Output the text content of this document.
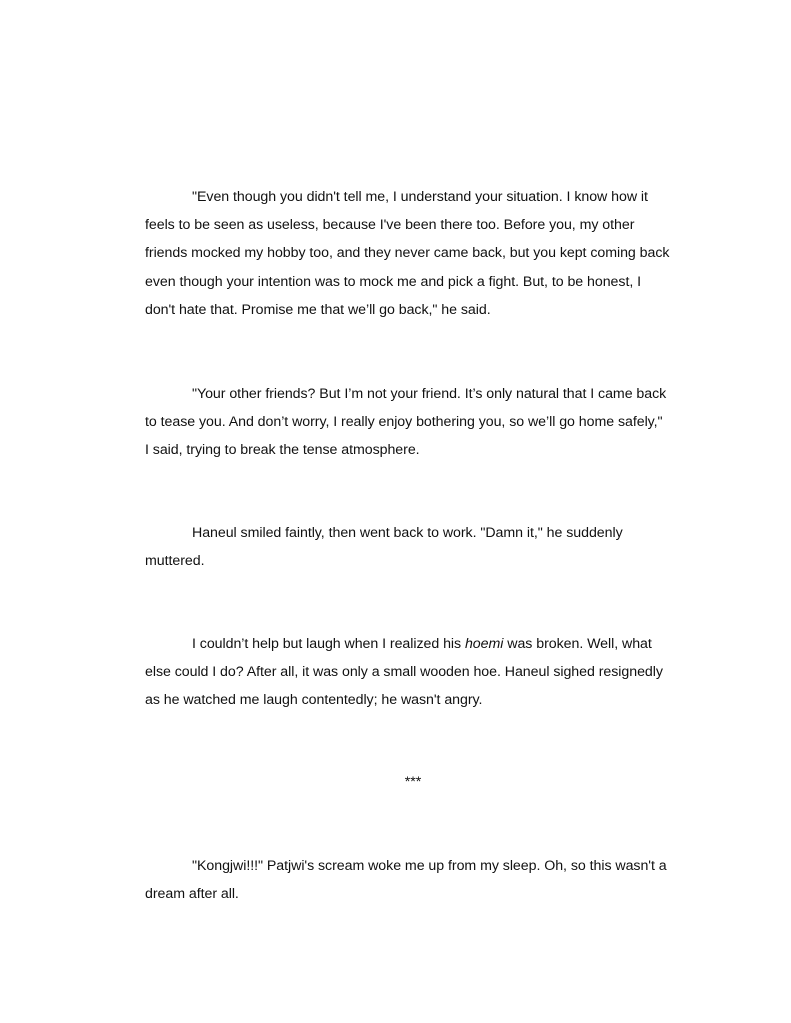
"Even though you didn't tell me, I understand your situation. I know how it
feels to be seen as useless, because I've been there too. Before you, my other
friends mocked my hobby too, and they never came back, but you kept coming back
even though your intention was to mock me and pick a fight. But, to be honest, I
don't hate that. Promise me that we’ll go back," he said.

"Your other friends? But I’m not your friend. It’s only natural that I came back
to tease you. And don’t worry, I really enjoy bothering you, so we’ll go home safely,"
I said, trying to break the tense atmosphere.

Haneul smiled faintly, then went back to work. "Damn it," he suddenly
muttered.

I couldn’t help but laugh when I realized his hoemi was broken. Well, what
else could I do? After all, it was only a small wooden hoe. Haneul sighed resignedly
as he watched me laugh contentedly; he wasn't angry.

***

"Kongjwi!!!" Patjwi's scream woke me up from my sleep. Oh, so this wasn't a
dream after all.
